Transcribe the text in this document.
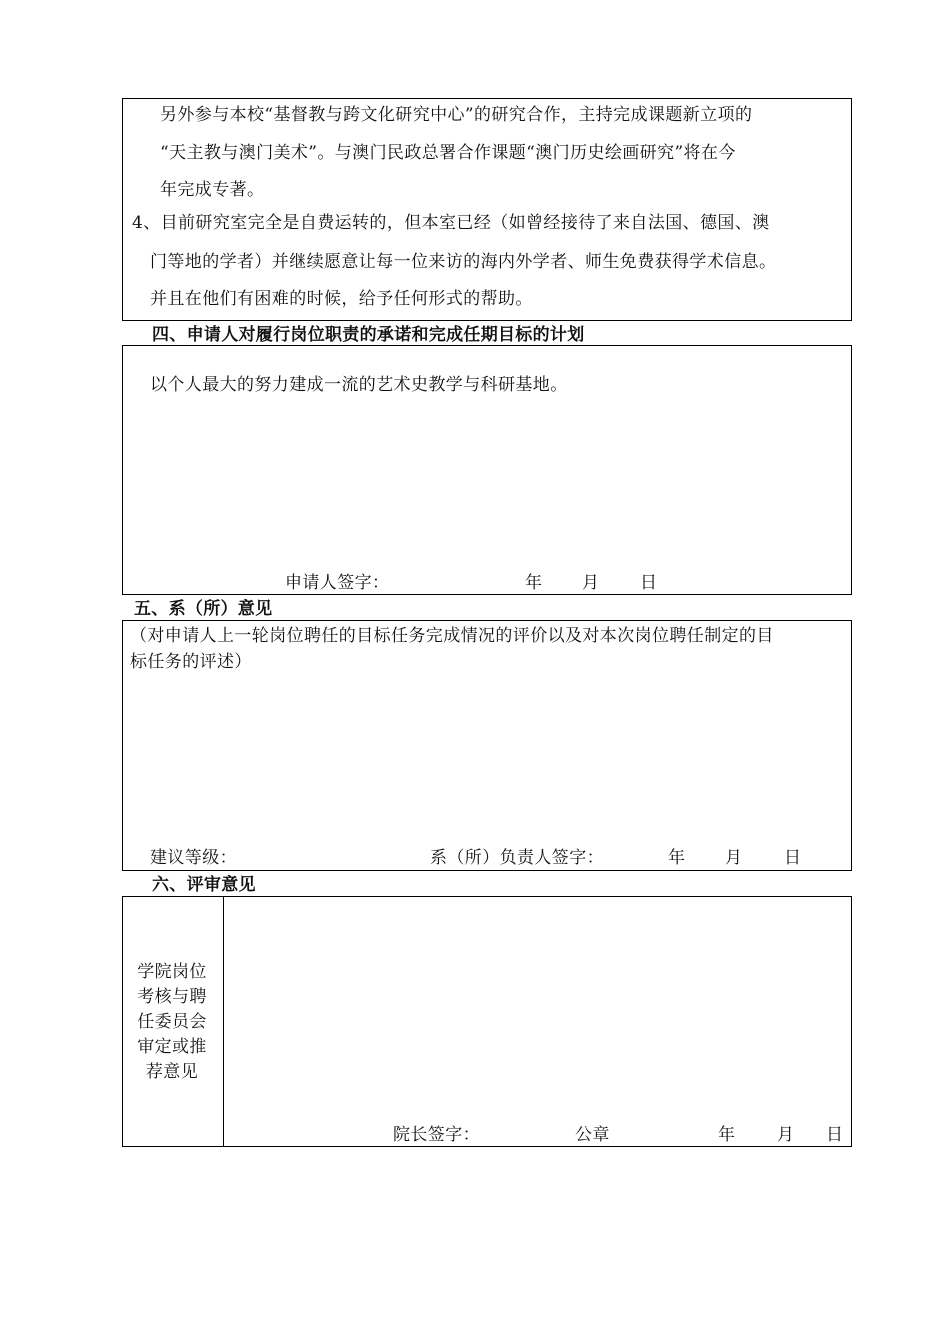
另外参与本校“基督教与跨文化研究中心”的研究合作，主持完成课题新立项的
“天主教与澳门美术”。与澳门民政总署合作课题“澳门历史绘画研究”将在今
年完成专著。
4、目前研究室完全是自费运转的，但本室已经（如曾经接待了来自法国、德国、澳
门等地的学者）并继续愿意让每一位来访的海内外学者、师生免费获得学术信息。
并且在他们有困难的时候，给予任何形式的帮助。
四、申请人对履行岗位职责的承诺和完成任期目标的计划
以个人最大的努力建成一流的艺术史教学与科研基地。
申请人签字：	年 月 日
五、系（所）意见
（对申请人上一轮岗位聘任的目标任务完成情况的评价以及对本次岗位聘任制定的目
标任务的评述）
建议等级：	系（所）负责人签字：	年 月 日
六、评审意见
学院岗位
考核与聘
任委员会
审定或推
荐意见
院长签字：	公章	年 月 日
